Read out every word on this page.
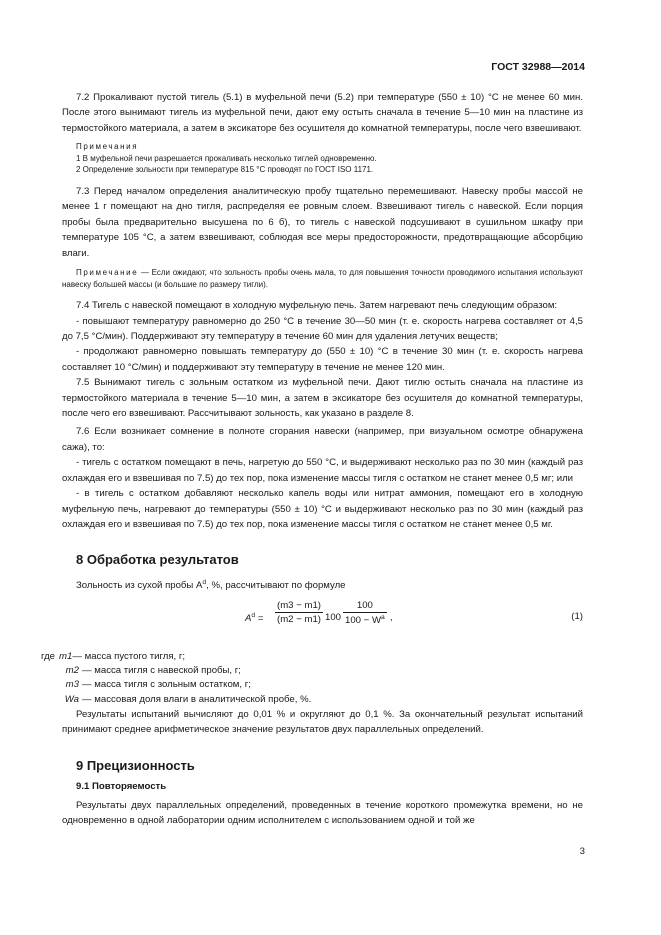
ГОСТ 32988—2014

7.2 Прокаливают пустой тигель (5.1) в муфельной печи (5.2) при температуре (550 ± 10) °С не менее 60 мин. После этого вынимают тигель из муфельной печи, дают ему остыть сначала в течение 5—10 мин на пластине из термостойкого материала, а затем в эксикаторе без осушителя до комнатной температуры, после чего взвешивают.

Примечания

1 В муфельной печи разрешается прокаливать несколько тиглей одновременно.

2 Определение зольности при температуре 815 °С проводят по ГОСТ ISO 1171.

7.3 Перед началом определения аналитическую пробу тщательно перемешивают. Навеску пробы массой не менее 1 г помещают на дно тигля, распределяя ее ровным слоем. Взвешивают тигель с навеской. Если порция пробы была предварительно высушена по 6 б), то тигель с навеской подсушивают в сушильном шкафу при температуре 105 °С, а затем взвешивают, соблюдая все меры предосторожности, предотвращающие абсорбцию влаги.

Примечание — Если ожидают, что зольность пробы очень мала, то для повышения точности проводимого испытания используют навеску большей массы (и большие по размеру тигли).

7.4 Тигель с навеской помещают в холодную муфельную печь. Затем нагревают печь следующим образом:

- повышают температуру равномерно до 250 °С в течение 30—50 мин (т. е. скорость нагрева составляет от 4,5 до 7,5 °С/мин). Поддерживают эту температуру в течение 60 мин для удаления летучих веществ;

- продолжают равномерно повышать температуру до (550 ± 10) °С в течение 30 мин (т. е. скорость нагрева составляет 10 °С/мин) и поддерживают эту температуру в течение не менее 120 мин.

7.5 Вынимают тигель с зольным остатком из муфельной печи. Дают тиглю остыть сначала на пластине из термостойкого материала в течение 5—10 мин, а затем в эксикаторе без осушителя до комнатной температуры, после чего его взвешивают. Рассчитывают зольность, как указано в разделе 8.

7.6 Если возникает сомнение в полноте сгорания навески (например, при визуальном осмотре обнаружена сажа), то:

- тигель с остатком помещают в печь, нагретую до 550 °С, и выдерживают несколько раз по 30 мин (каждый раз охлаждая его и взвешивая по 7.5) до тех пор, пока изменение массы тигля с остатком не станет менее 0,5 мг; или

- в тигель с остатком добавляют несколько капель воды или нитрат аммония, помещают его в холодную муфельную печь, нагревают до температуры (550 ± 10) °С и выдерживают несколько раз по 30 мин (каждый раз охлаждая его и взвешивая по 7.5) до тех пор, пока изменение массы тигля с остатком не станет менее 0,5 мг.

8 Обработка результатов

Зольность из сухой пробы $A^d$, %, рассчитывают по формуле

$A^d = \frac{(m3 - m1)}{(m2 - m1)} 100 \frac{100}{100 - W^a}$ ,	(1)
где m1 — масса пустого тигля, г;
m2 — масса тигля с навеской пробы, г;
m3 — масса тигля с зольным остатком, г;
Wa — массовая доля влаги в аналитической пробе, %.

Результаты испытаний вычисляют до 0,01 % и округляют до 0,1 %. За окончательный результат испытаний принимают среднее арифметическое значение результатов двух параллельных определений.

9 Прецизионность
9.1 Повторяемость

Результаты двух параллельных определений, проведенных в течение короткого промежутка времени, но не одновременно в одной лаборатории одним исполнителем с использованием одной и той же

3
